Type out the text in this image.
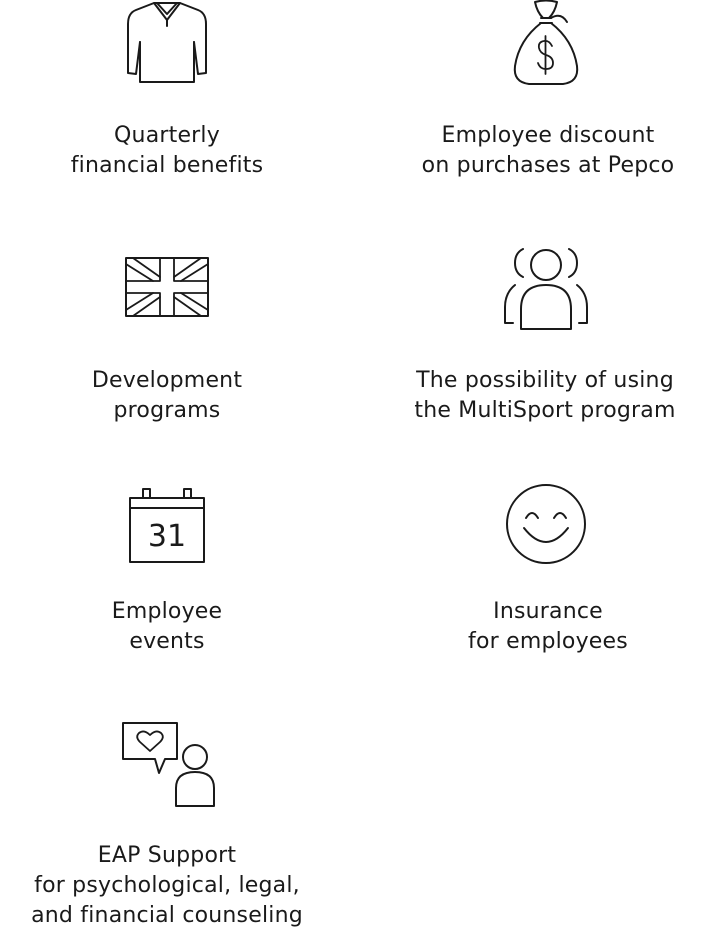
Quarterly
financial benefits
Employee discount
on purchases at Pepco
Development
programs
The possibility of using
the MultiSport program
31
Employee
events
Insurance
for employees
EAP Support
for psychological, legal,
and financial counseling
